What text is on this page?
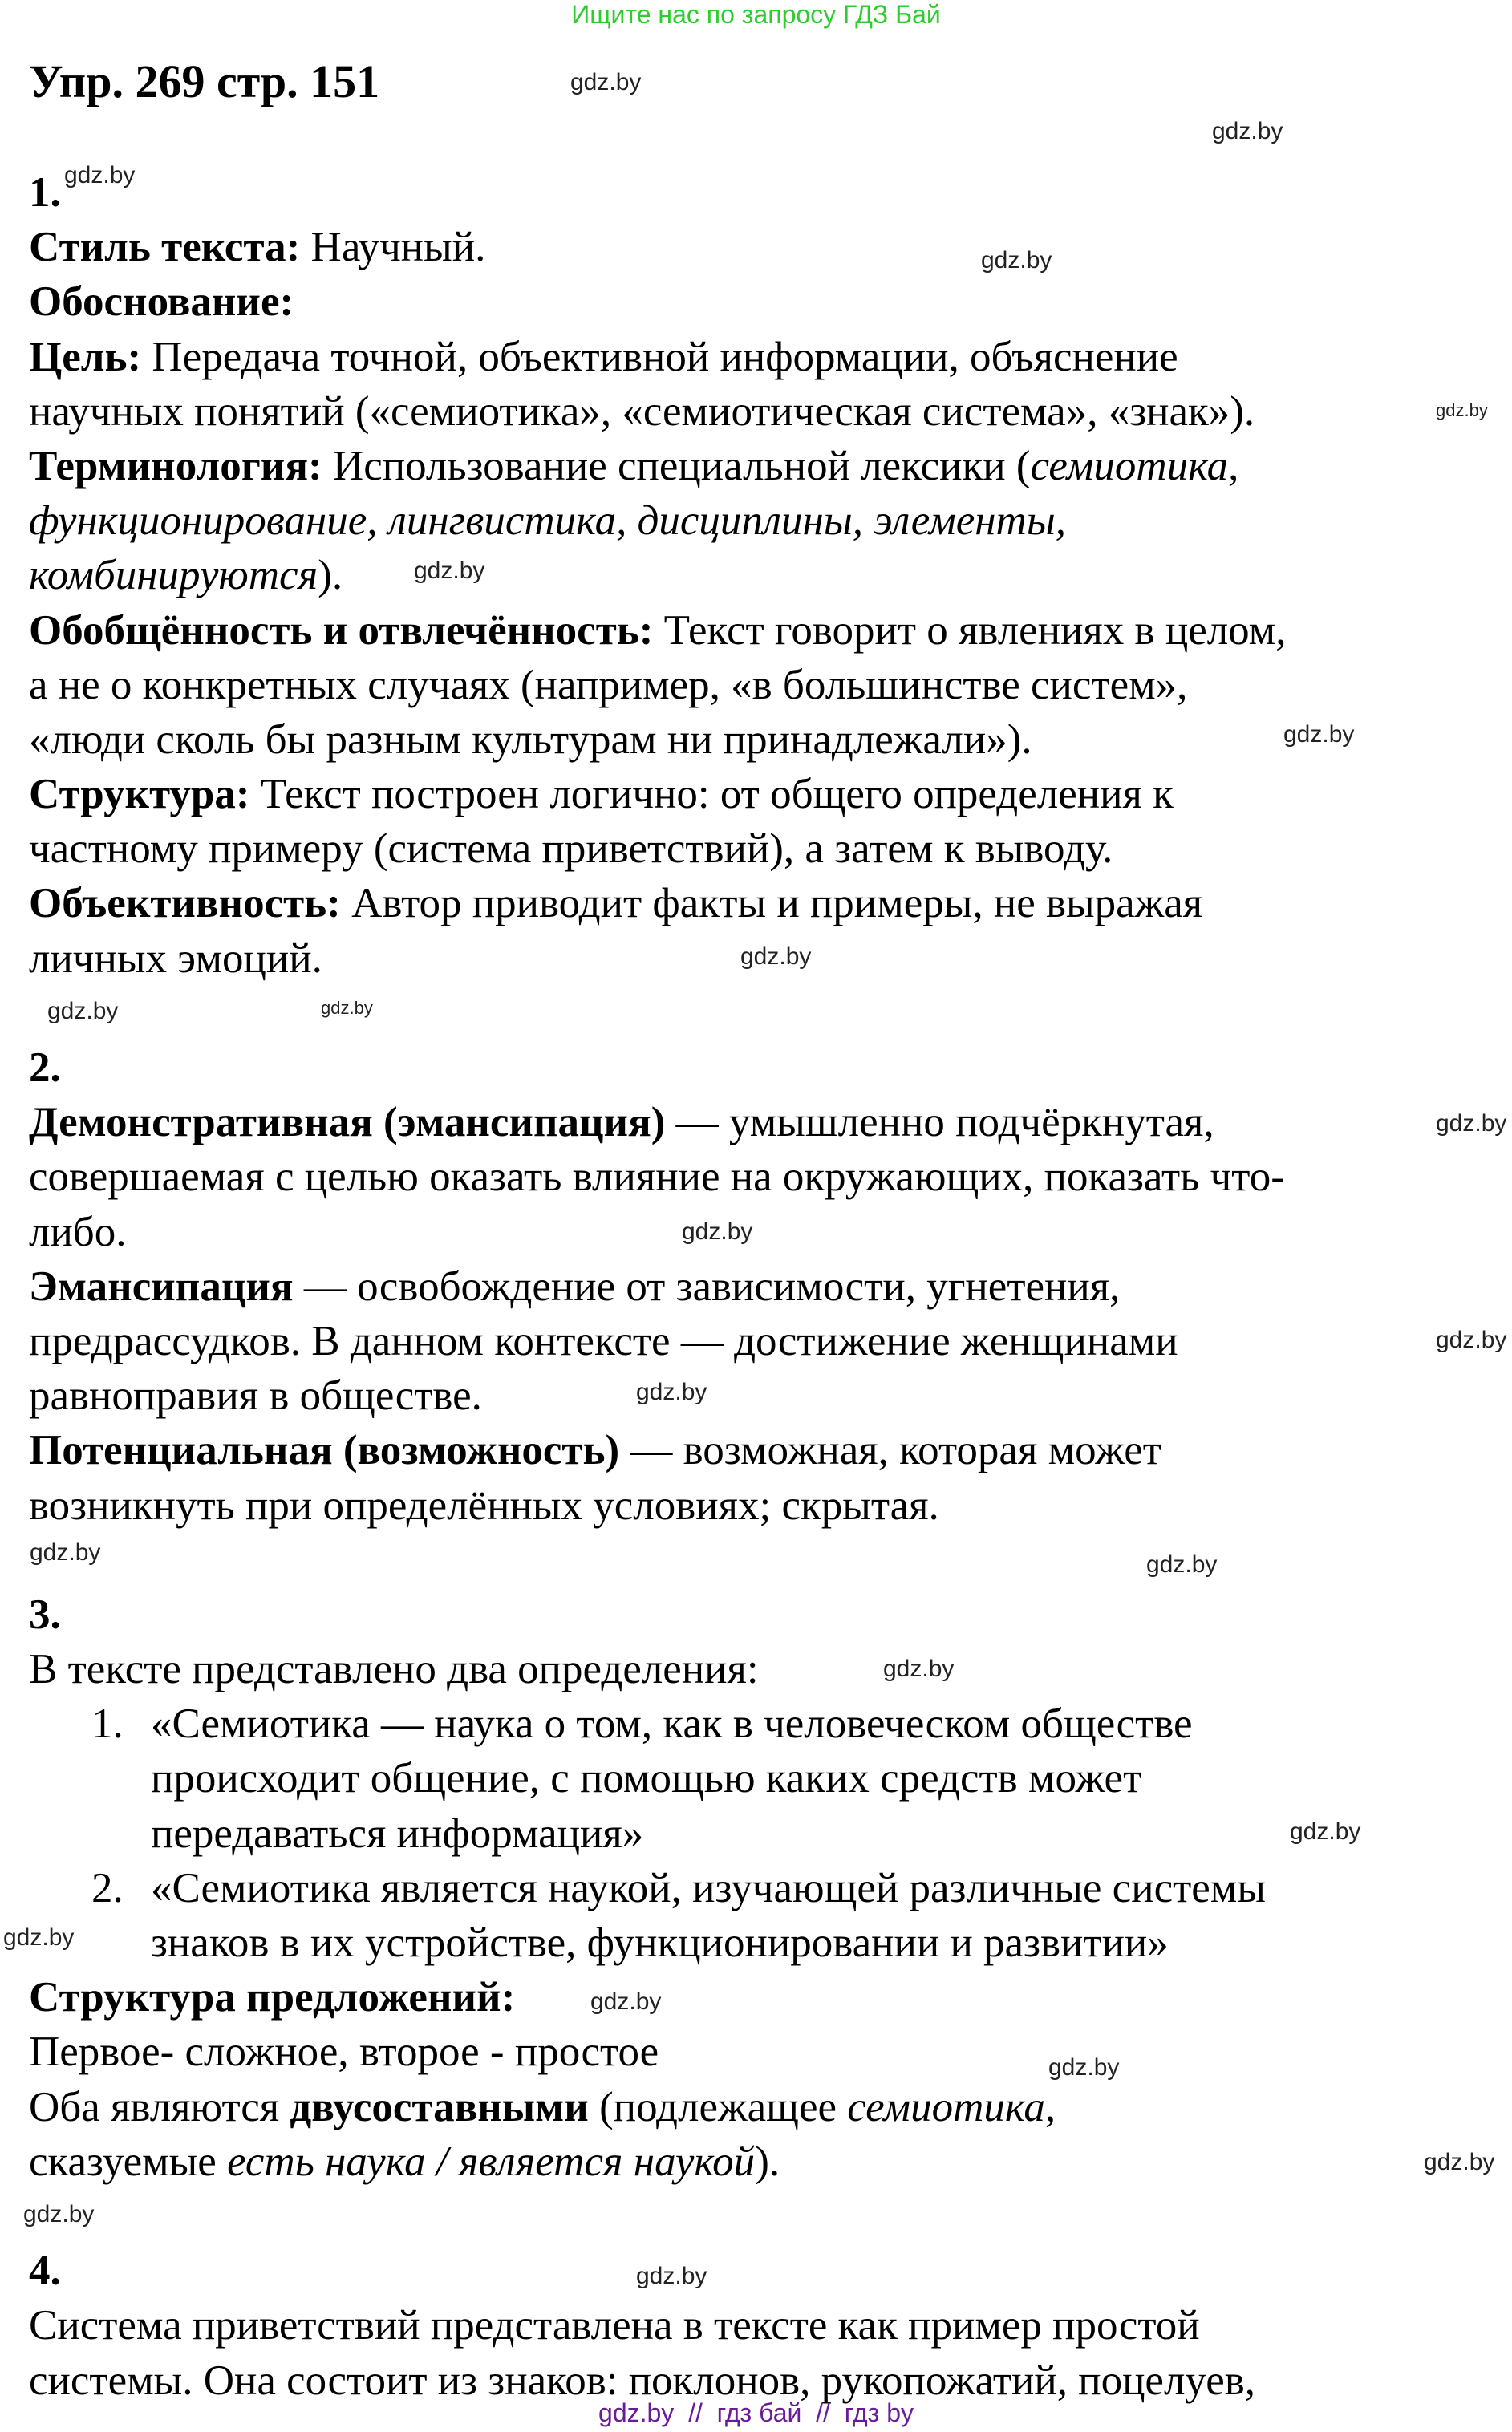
Ищите нас по запросу ГДЗ Бай
Упр. 269 стр. 151
1.
Стиль текста: Научный.
Обоснование:
Цель: Передача точной, объективной информации, объяснение
научных понятий («семиотика», «семиотическая система», «знак»).
Терминология: Использование специальной лексики (семиотика,
функционирование, лингвистика, дисциплины, элементы,
комбинируются).
Обобщённость и отвлечённость: Текст говорит о явлениях в целом,
а не о конкретных случаях (например, «в большинстве систем»,
«люди сколь бы разным культурам ни принадлежали»).
Структура: Текст построен логично: от общего определения к
частному примеру (система приветствий), а затем к выводу.
Объективность: Автор приводит факты и примеры, не выражая
личных эмоций.
2.
Демонстративная (эмансипация) — умышленно подчёркнутая,
совершаемая с целью оказать влияние на окружающих, показать что-
либо.
Эмансипация — освобождение от зависимости, угнетения,
предрассудков. В данном контексте — достижение женщинами
равноправия в обществе.
Потенциальная (возможность) — возможная, которая может
возникнуть при определённых условиях; скрытая.
3.
В тексте представлено два определения:
1. «Семиотика — наука о том, как в человеческом обществе
происходит общение, с помощью каких средств может
передаваться информация»
2. «Семиотика является наукой, изучающей различные системы
знаков в их устройстве, функционировании и развитии»
Структура предложений:
Первое- сложное, второе - простое
Оба являются двусоставными (подлежащее семиотика,
сказуемые есть наука / является наукой).
4.
Система приветствий представлена в тексте как пример простой
системы. Она состоит из знаков: поклонов, рукопожатий, поцелуев,
gdz.by
gdz.by
gdz.by
gdz.by
gdz.by
gdz.by
gdz.by
gdz.by
gdz.by
gdz.by
gdz.by
gdz.by
gdz.by
gdz.by
gdz.by	gdz.by
gdz.by
gdz.by
gdz.by
gdz.by
gdz.by
gdz.by
gdz.by
gdz.by
gdz.by  //  гдз бай  //  гдз by
